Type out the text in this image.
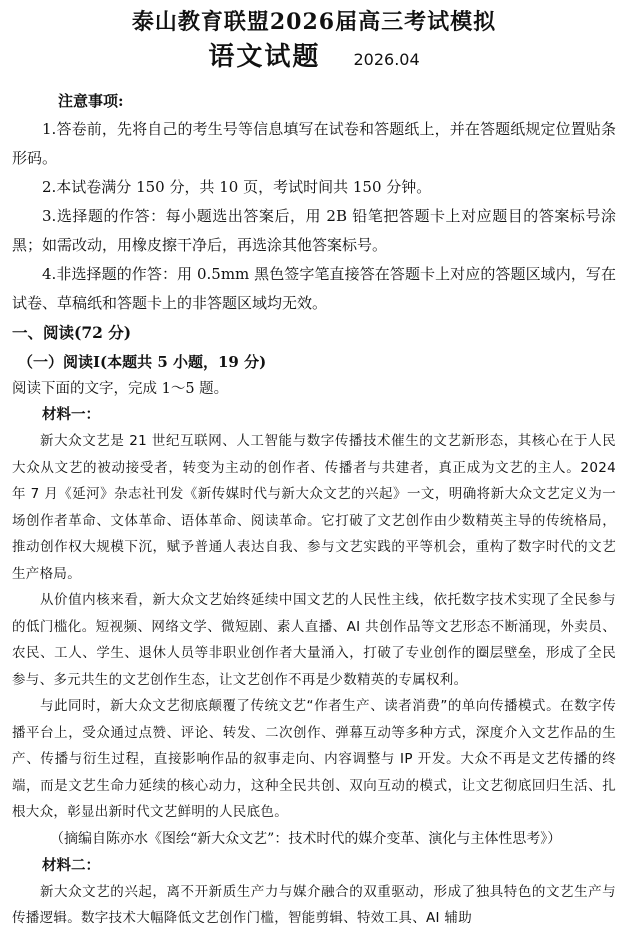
泰山教育联盟2026届高三考试模拟
语文试题 2026.04
注意事项:
1.答卷前，先将自己的考生号等信息填写在试卷和答题纸上，并在答题纸规定位置贴条形码。
2.本试卷满分 150 分，共 10 页，考试时间共 150 分钟。
3.选择题的作答：每小题选出答案后，用 2B 铅笔把答题卡上对应题目的答案标号涂黑；如需改动，用橡皮擦干净后，再选涂其他答案标号。
4.非选择题的作答：用 0.5mm 黑色签字笔直接答在答题卡上对应的答题区域内，写在试卷、草稿纸和答题卡上的非答题区域均无效。
一、阅读(72 分)
（一）阅读Ⅰ(本题共 5 小题，19 分)
阅读下面的文字，完成 1～5 题。
材料一：
新大众文艺是 21 世纪互联网、人工智能与数字传播技术催生的文艺新形态，其核心在于人民大众从文艺的被动接受者，转变为主动的创作者、传播者与共建者，真正成为文艺的主人。2024 年 7 月《延河》杂志社刊发《新传媒时代与新大众文艺的兴起》一文，明确将新大众文艺定义为一场创作者革命、文体革命、语体革命、阅读革命。它打破了文艺创作由少数精英主导的传统格局，推动创作权大规模下沉，赋予普通人表达自我、参与文艺实践的平等机会，重构了数字时代的文艺生产格局。
从价值内核来看，新大众文艺始终延续中国文艺的人民性主线，依托数字技术实现了全民参与的低门槛化。短视频、网络文学、微短剧、素人直播、AI 共创作品等文艺形态不断涌现，外卖员、农民、工人、学生、退休人员等非职业创作者大量涌入，打破了专业创作的圈层壁垒，形成了全民参与、多元共生的文艺创作生态，让文艺创作不再是少数精英的专属权利。
与此同时，新大众文艺彻底颠覆了传统文艺“作者生产、读者消费”的单向传播模式。在数字传播平台上，受众通过点赞、评论、转发、二次创作、弹幕互动等多种方式，深度介入文艺作品的生产、传播与衍生过程，直接影响作品的叙事走向、内容调整与 IP 开发。大众不再是文艺传播的终端，而是文艺生命力延续的核心动力，这种全民共创、双向互动的模式，让文艺彻底回归生活、扎根大众，彰显出新时代文艺鲜明的人民底色。
（摘编自陈亦水《图绘“新大众文艺”：技术时代的媒介变革、演化与主体性思考》）
材料二：
新大众文艺的兴起，离不开新质生产力与媒介融合的双重驱动，形成了独具特色的文艺生产与传播逻辑。数字技术大幅降低文艺创作门槛，智能剪辑、特效工具、AI 辅助
